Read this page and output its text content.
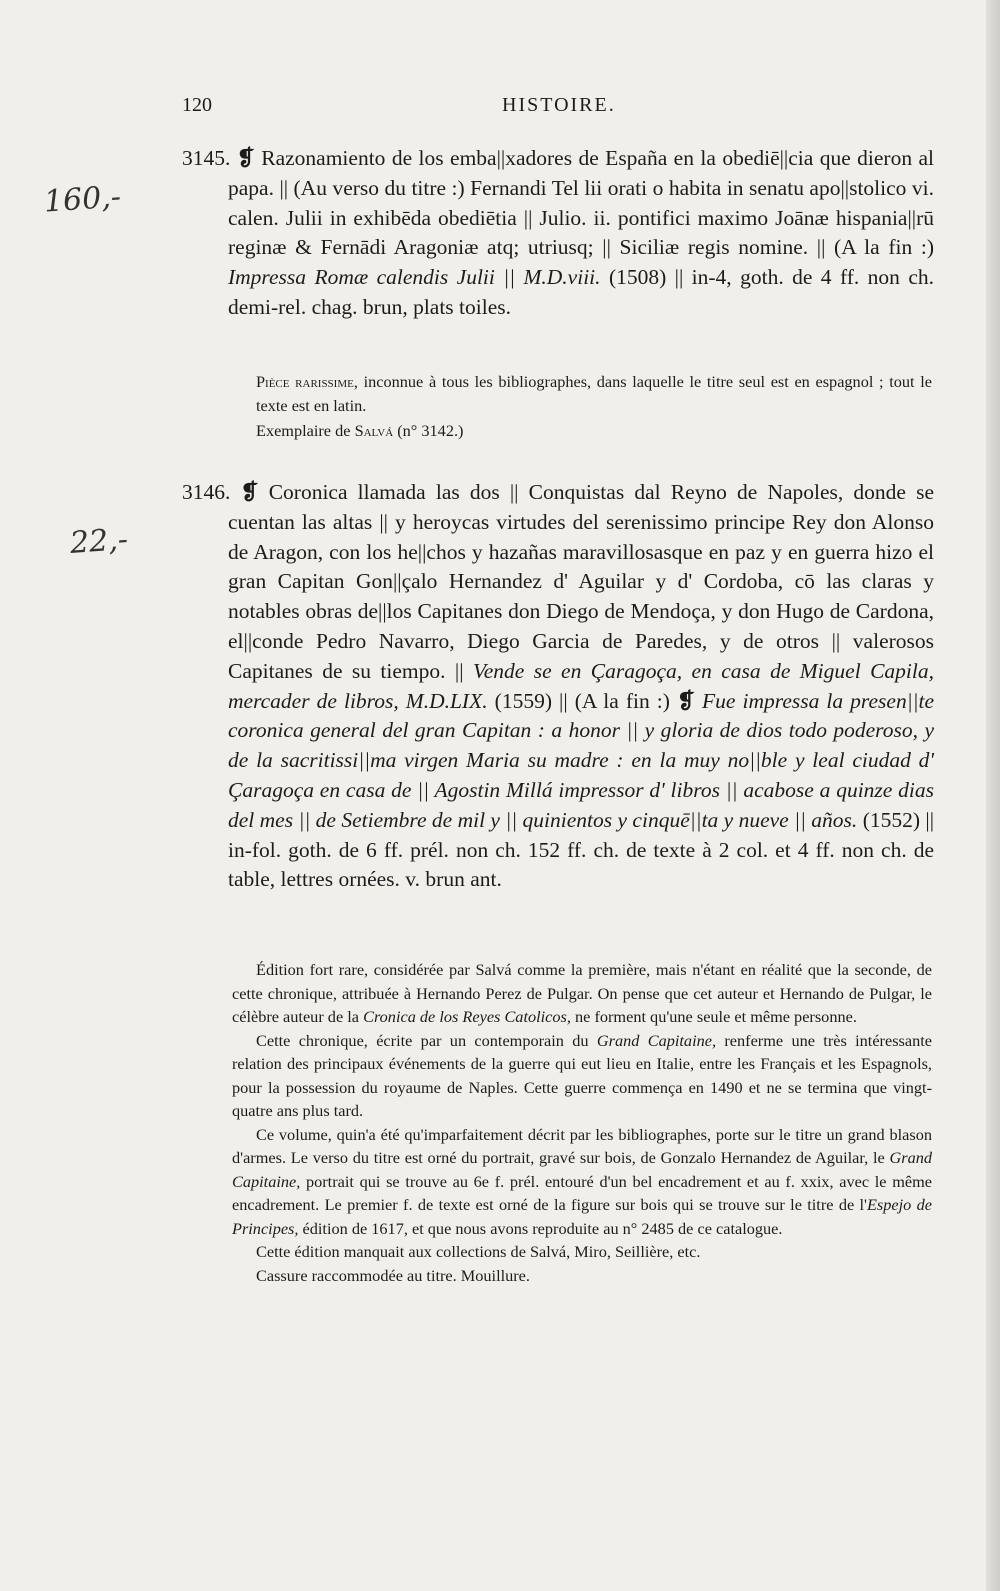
120	HISTOIRE.
160,-
22,-

3145. ❡ Razonamiento de los emba||xadores de España en la obediē||cia que dieron al papa. || (Au verso du titre :) Fernandi Tel lii orati o habita in senatu apo||stolico vi. calen. Julii in exhibēda obediētia || Julio. ii. pontifici maximo Joānæ hispania||rū reginæ & Fernādi Aragoniæ atq; utriusq; || Siciliæ regis nomine. || (A la fin :) Impressa Romæ calendis Julii || M.D.viii. (1508) || in-4, goth. de 4 ff. non ch. demi-rel. chag. brun, plats toiles.

Pièce rarissime, inconnue à tous les bibliographes, dans laquelle le titre seul est en espagnol ; tout le texte est en latin.

Exemplaire de Salvá (n° 3142.)

3146. ❡ Coronica llamada las dos || Conquistas dal Reyno de Napoles, donde se cuentan las altas || y heroycas virtudes del serenissimo principe Rey don Alonso de Aragon, con los he||chos y hazañas maravillosasque en paz y en guerra hizo el gran Capitan Gon||çalo Hernandez d' Aguilar y d' Cordoba, cō las claras y notables obras de||los Capitanes don Diego de Mendoça, y don Hugo de Cardona, el||conde Pedro Navarro, Diego Garcia de Paredes, y de otros || valerosos Capitanes de su tiempo. || Vende se en Çaragoça, en casa de Miguel Capila, mercader de libros, M.D.LIX. (1559) || (A la fin :) ❡ Fue impressa la presen||te coronica general del gran Capitan : a honor || y gloria de dios todo poderoso, y de la sacritissi||ma virgen Maria su madre : en la muy no||ble y leal ciudad d' Çaragoça en casa de || Agostin Millá impressor d' libros || acabose a quinze dias del mes || de Setiembre de mil y || quinientos y cinquē||ta y nueve || años. (1552) || in-fol. goth. de 6 ff. prél. non ch. 152 ff. ch. de texte à 2 col. et 4 ff. non ch. de table, lettres ornées. v. brun ant.

Édition fort rare, considérée par Salvá comme la première, mais n'étant en réalité que la seconde, de cette chronique, attribuée à Hernando Perez de Pulgar. On pense que cet auteur et Hernando de Pulgar, le célèbre auteur de la Cronica de los Reyes Catolicos, ne forment qu'une seule et même personne.

Cette chronique, écrite par un contemporain du Grand Capitaine, renferme une très intéressante relation des principaux événements de la guerre qui eut lieu en Italie, entre les Français et les Espagnols, pour la possession du royaume de Naples. Cette guerre commença en 1490 et ne se termina que vingt-quatre ans plus tard.

Ce volume, quin'a été qu'imparfaitement décrit par les bibliographes, porte sur le titre un grand blason d'armes. Le verso du titre est orné du portrait, gravé sur bois, de Gonzalo Hernandez de Aguilar, le Grand Capitaine, portrait qui se trouve au 6e f. prél. entouré d'un bel encadrement et au f. xxix, avec le même encadrement. Le premier f. de texte est orné de la figure sur bois qui se trouve sur le titre de l'Espejo de Principes, édition de 1617, et que nous avons reproduite au n° 2485 de ce catalogue.

Cette édition manquait aux collections de Salvá, Miro, Seillière, etc.

Cassure raccommodée au titre. Mouillure.
